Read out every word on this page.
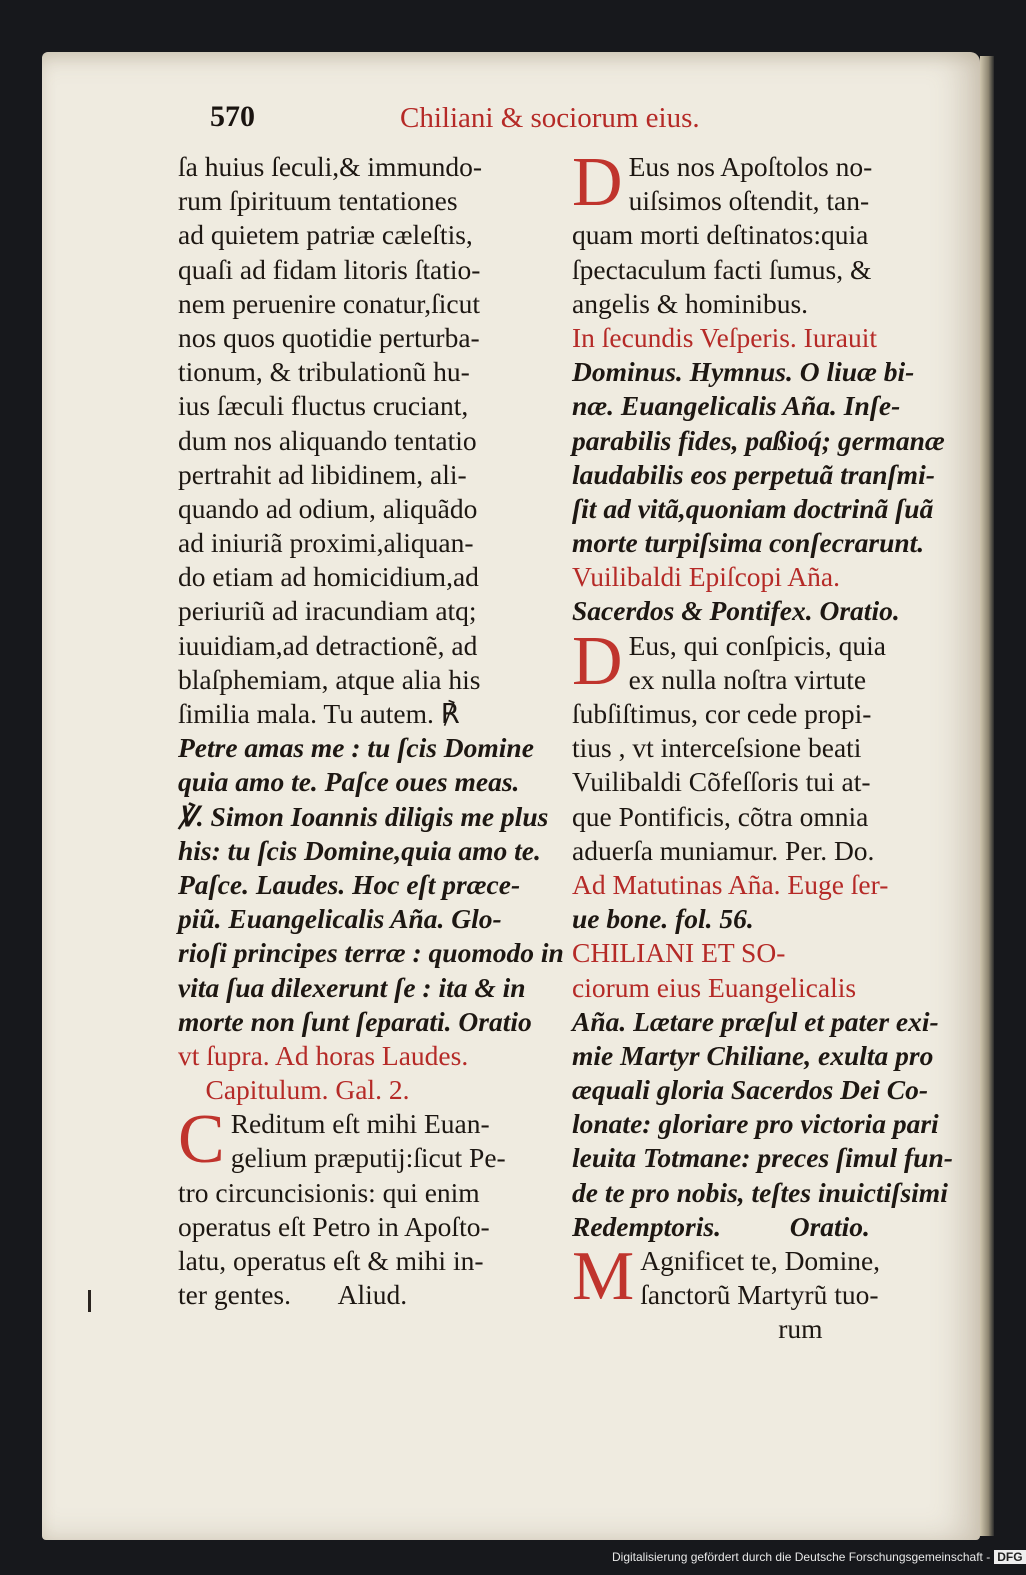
570	Chiliani & sociorum eius.
ſa huius ſeculi,& immundo-
rum ſpirituum tentationes
ad quietem patriæ cæleſtis,
quaſi ad fidam litoris ſtatio-
nem peruenire conatur,ſicut
nos quos quotidie perturba-
tionum, & tribulationũ hu-
ius ſæculi fluctus cruciant,
dum nos aliquando tentatio
pertrahit ad libidinem, ali-
quando ad odium, aliquãdo
ad iniuriã proximi,aliquan-
do etiam ad homicidium,ad
periuriũ ad iracundiam atq;
iuuidiam,ad detractionẽ, ad
blaſphemiam, atque alia his
ſimilia mala. Tu autem. ℟
Petre amas me : tu ſcis Domine
quia amo te. Paſce oues meas.
℣. Simon Ioannis diligis me plus
his: tu ſcis Domine,quia amo te.
Paſce. Laudes. Hoc eſt præce-
piũ. Euangelicalis Aña. Glo-
rioſi principes terræ : quomodo in
vita ſua dilexerunt ſe : ita & in
morte non ſunt ſeparati. Oratio
vt ſupra. Ad horas Laudes.
Capitulum. Gal. 2.
C Reditum eſt mihi Euan-
gelium præputij:ſicut Pe-
tro circuncisionis: qui enim
operatus eſt Petro in Apoſto-
latu, operatus eſt & mihi in-
ter gentes.       Aliud.
D Eus nos Apoſtolos no-
uiſsimos oſtendit, tan-
quam morti deſtinatos:quia
ſpectaculum facti ſumus, &
angelis & hominibus.
In ſecundis Veſperis. Iurauit
Dominus. Hymnus. O liuæ bi-
næ. Euangelicalis Aña. Inſe-
parabilis fides, paßioq́; germanæ
laudabilis eos perpetuã tranſmi-
ſit ad vitã,quoniam doctrinã ſuã
morte turpiſsima conſecrarunt.
Vuilibaldi Epiſcopi Aña.
Sacerdos & Pontifex. Oratio.
D Eus, qui conſpicis, quia
ex nulla noſtra virtute
ſubſiſtimus, cor cede propi-
tius , vt interceſsione beati
Vuilibaldi Cõfeſſoris tui at-
que Pontificis, cõtra omnia
aduerſa muniamur. Per. Do.
Ad Matutinas Aña. Euge ſer-
ue bone. fol. 56.
CHILIANI ET SO-
ciorum eius Euangelicalis
Aña. Lætare præſul et pater exi-
mie Martyr Chiliane, exulta pro
æquali gloria Sacerdos Dei Co-
lonate: gloriare pro victoria pari
leuita Totmane: preces ſimul fun-
de te pro nobis, teſtes inuictiſsimi
Redemptoris.          Oratio.
M Agnificet te, Domine,
ſanctorũ Martyrũ tuo-
rum
Digitalisierung gefördert durch die Deutsche Forschungsgemeinschaft - DFG
